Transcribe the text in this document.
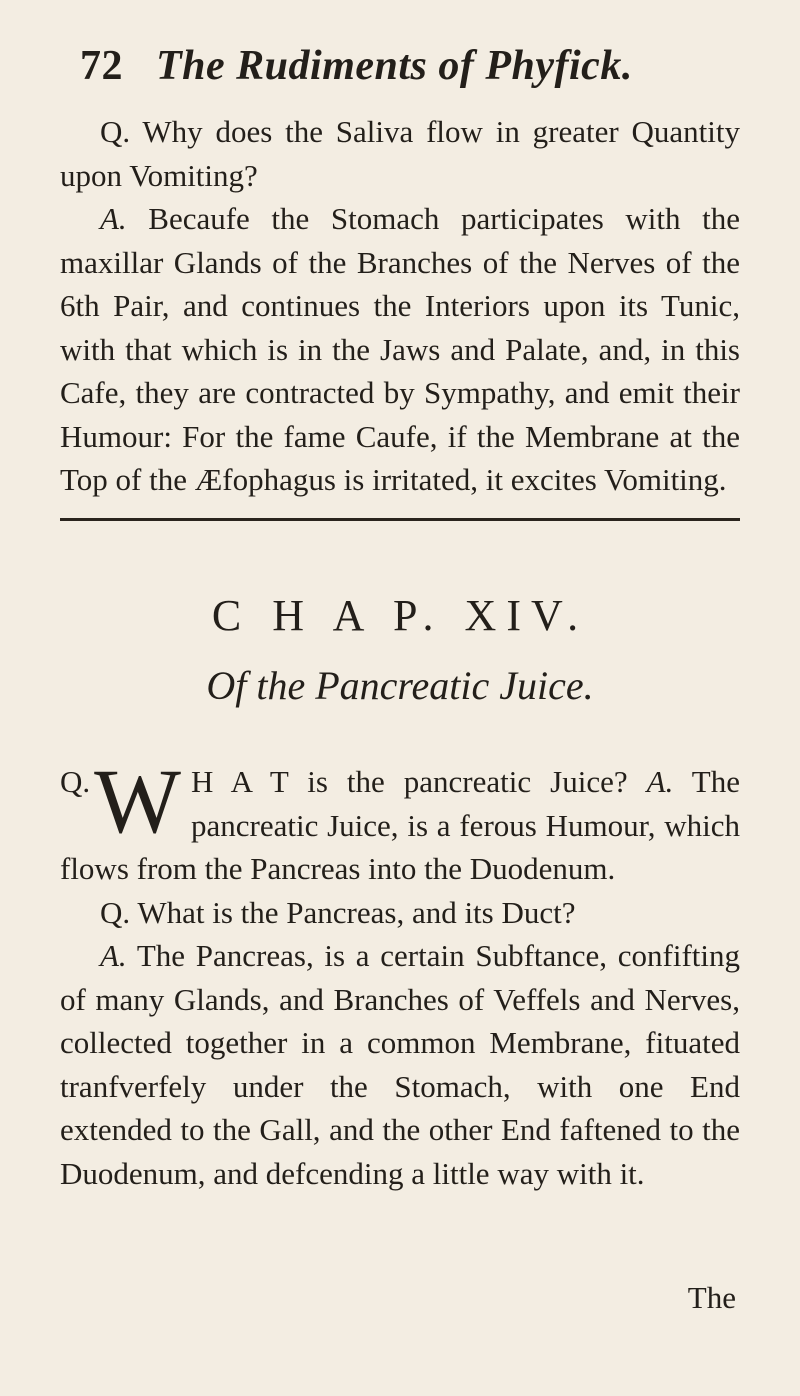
72 The Rudiments of Phyfick.

Q. Why does the Saliva flow in greater Quantity upon Vomiting?

A. Becaufe the Stomach participates with the maxillar Glands of the Branches of the Nerves of the 6th Pair, and continues the Interiors upon its Tunic, with that which is in the Jaws and Palate, and, in this Cafe, they are contracted by Sympathy, and emit their Humour: For the fame Caufe, if the Membrane at the Top of the Æfophagus is irritated, it excites Vomiting.

C H A P. XIV.
Of the Pancreatic Juice.

Q. W H A T is the pancreatic Juice? A. The pancreatic Juice, is a ferous Humour, which flows from the Pancreas into the Duodenum.

Q. What is the Pancreas, and its Duct?

A. The Pancreas, is a certain Subftance, confifting of many Glands, and Branches of Veffels and Nerves, collected together in a common Membrane, fituated tranfverfely under the Stomach, with one End extended to the Gall, and the other End faftened to the Duodenum, and defcending a little way with it.

The
